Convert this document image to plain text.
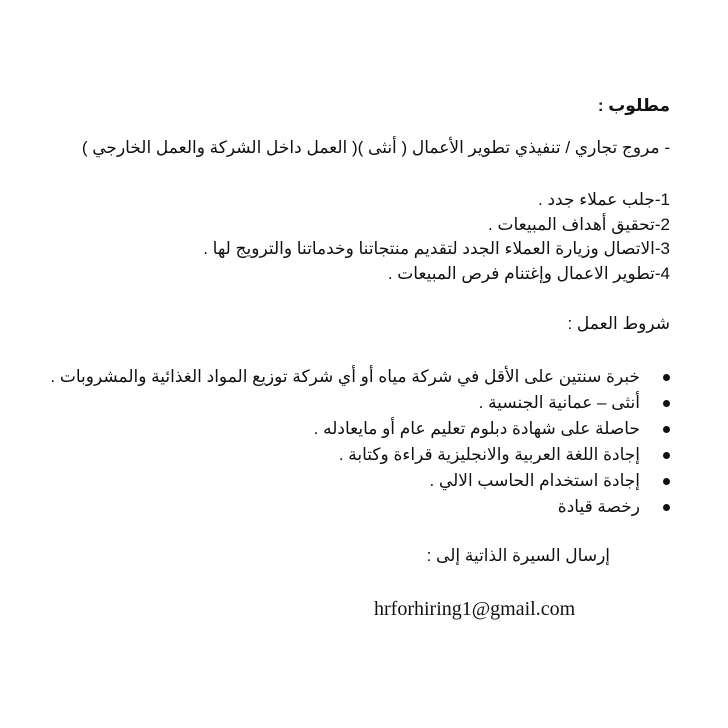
مطلوب :
- مروج تجاري / تنفيذي تطوير الأعمال ( أنثى )( العمل داخل الشركة والعمل الخارجي )
1-جلب عملاء جدد .
2-تحقيق أهداف المبيعات .
3-الاتصال وزيارة العملاء الجدد لتقديم منتجاتنا وخدماتنا والترويج لها .
4-تطوير الاعمال وإغتنام فرص المبيعات .
شروط العمل :
خبرة سنتين على الأقل في شركة مياه أو أي شركة توزيع المواد الغذائية والمشروبات .
أنثى – عمانية الجنسية .
حاصلة على شهادة دبلوم تعليم عام أو مايعادله .
إجادة اللغة العربية والانجليزية قراءة وكتابة .
إجادة استخدام الحاسب الالي .
رخصة قيادة
إرسال السيرة الذاتية إلى :
hrforhiring1@gmail.com
